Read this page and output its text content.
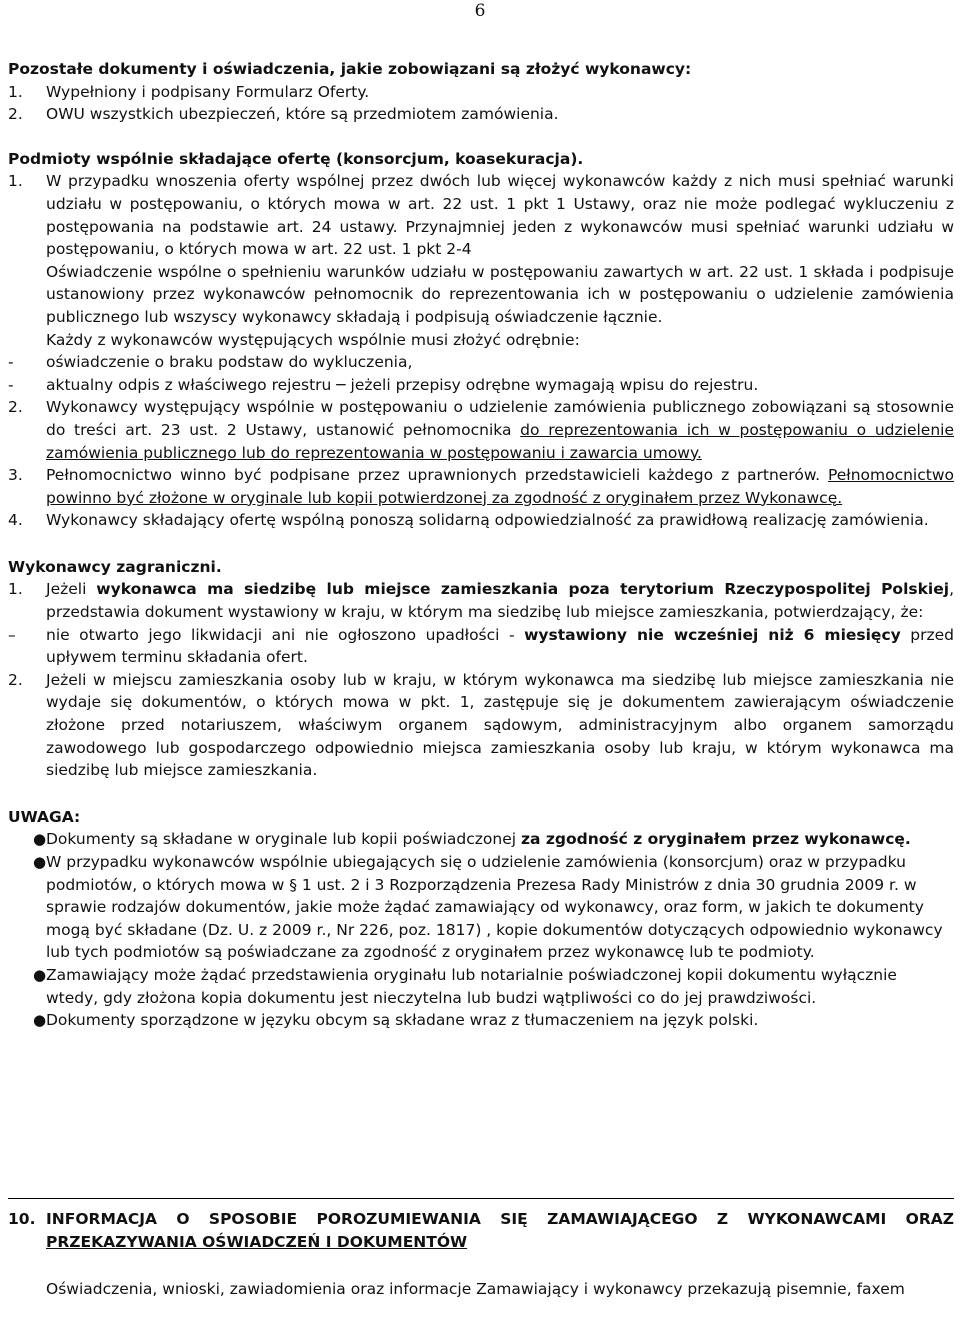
6

Pozostałe dokumenty i oświadczenia, jakie zobowiązani są złożyć wykonawcy:

1.	Wypełniony i podpisany Formularz Oferty.
2.	OWU wszystkich ubezpieczeń, które są przedmiotem zamówienia.

Podmioty wspólnie składające ofertę (konsorcjum, koasekuracja).

1.	W przypadku wnoszenia oferty wspólnej przez dwóch lub więcej wykonawców każdy z nich musi spełniać warunki udziału w postępowaniu, o których mowa w art. 22 ust. 1 pkt 1 Ustawy, oraz nie może podlegać wykluczeniu z postępowania na podstawie art. 24 ustawy. Przynajmniej jeden z wykonawców musi spełniać warunki udziału w postępowaniu, o których mowa w art. 22 ust. 1 pkt 2-4

Oświadczenie wspólne o spełnieniu warunków udziału w postępowaniu zawartych w art. 22 ust. 1 składa i podpisuje ustanowiony przez wykonawców pełnomocnik do reprezentowania ich w postępowaniu o udzielenie zamówienia publicznego lub wszyscy wykonawcy składają i podpisują oświadczenie łącznie.

Każdy z wykonawców występujących wspólnie musi złożyć odrębnie:

-	oświadczenie o braku podstaw do wykluczenia,
-	aktualny odpis z właściwego rejestru ─ jeżeli przepisy odrębne wymagają wpisu do rejestru.
2.	Wykonawcy występujący wspólnie w postępowaniu o udzielenie zamówienia publicznego zobowiązani są stosownie do treści art. 23 ust. 2 Ustawy, ustanowić pełnomocnika do reprezentowania ich w postępowaniu o udzielenie zamówienia publicznego lub do reprezentowania w postępowaniu i zawarcia umowy.
3.	Pełnomocnictwo winno być podpisane przez uprawnionych przedstawicieli każdego z partnerów. Pełnomocnictwo powinno być złożone w oryginale lub kopii potwierdzonej za zgodność z oryginałem przez Wykonawcę.
4.	Wykonawcy składający ofertę wspólną ponoszą solidarną odpowiedzialność za prawidłową realizację zamówienia.

Wykonawcy zagraniczni.

1.	Jeżeli wykonawca ma siedzibę lub miejsce zamieszkania poza terytorium Rzeczypospolitej Polskiej, przedstawia dokument wystawiony w kraju, w którym ma siedzibę lub miejsce zamieszkania, potwierdzający, że:
–	nie otwarto jego likwidacji ani nie ogłoszono upadłości - wystawiony nie wcześniej niż 6 miesięcy przed upływem terminu składania ofert.
2.	Jeżeli w miejscu zamieszkania osoby lub w kraju, w którym wykonawca ma siedzibę lub miejsce zamieszkania nie wydaje się dokumentów, o których mowa w pkt. 1, zastępuje się je dokumentem zawierającym oświadczenie złożone przed notariuszem, właściwym organem sądowym, administracyjnym albo organem samorządu zawodowego lub gospodarczego odpowiednio miejsca zamieszkania osoby lub kraju, w którym wykonawca ma siedzibę lub miejsce zamieszkania.

UWAGA:

● Dokumenty są składane w oryginale lub kopii poświadczonej za zgodność z oryginałem przez wykonawcę.
● W przypadku wykonawców wspólnie ubiegających się o udzielenie zamówienia (konsorcjum) oraz w przypadku podmiotów, o których mowa w § 1 ust. 2 i 3 Rozporządzenia Prezesa Rady Ministrów z dnia 30 grudnia 2009 r. w sprawie rodzajów dokumentów, jakie może żądać zamawiający od wykonawcy, oraz form, w jakich te dokumenty mogą być składane (Dz. U. z 2009 r., Nr 226, poz. 1817) , kopie dokumentów dotyczących odpowiednio wykonawcy lub tych podmiotów są poświadczane za zgodność z oryginałem przez wykonawcę lub te podmioty.
● Zamawiający może żądać przedstawienia oryginału lub notarialnie poświadczonej kopii dokumentu wyłącznie wtedy, gdy złożona kopia dokumentu jest nieczytelna lub budzi wątpliwości co do jej prawdziwości.
● Dokumenty sporządzone w języku obcym są składane wraz z tłumaczeniem na język polski.
10. INFORMACJA O SPOSOBIE POROZUMIEWANIA SIĘ ZAMAWIAJĄCEGO Z WYKONAWCAMI ORAZ PRZEKAZYWANIA OŚWIADCZEŃ I DOKUMENTÓW

Oświadczenia, wnioski, zawiadomienia oraz informacje Zamawiający i wykonawcy przekazują pisemnie, faxem
